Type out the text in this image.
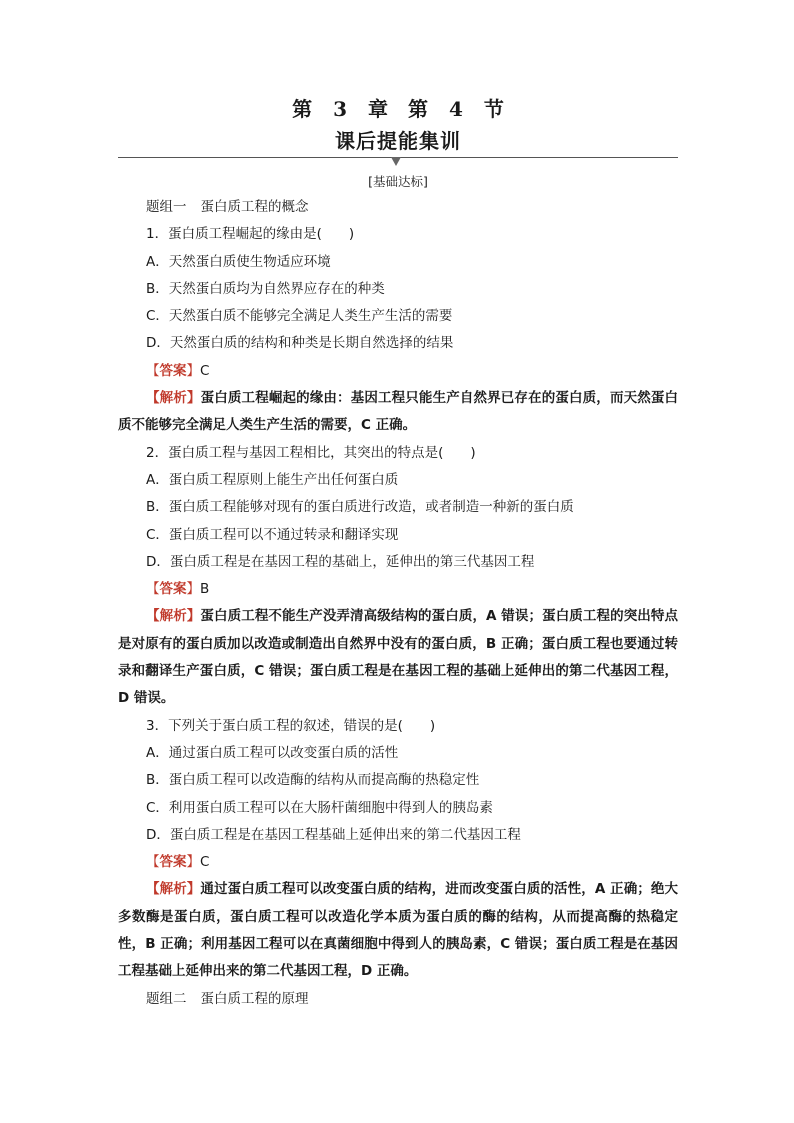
第 3 章　第 4 节
课后提能集训
[基础达标]
题组一 蛋白质工程的概念
1．蛋白质工程崛起的缘由是(　　)
A．天然蛋白质使生物适应环境
B．天然蛋白质均为自然界应存在的种类
C．天然蛋白质不能够完全满足人类生产生活的需要
D．天然蛋白质的结构和种类是长期自然选择的结果
【答案】C

【解析】蛋白质工程崛起的缘由：基因工程只能生产自然界已存在的蛋白质，而天然蛋白质不能够完全满足人类生产生活的需要，C 正确。

2．蛋白质工程与基因工程相比，其突出的特点是(　　)
A．蛋白质工程原则上能生产出任何蛋白质
B．蛋白质工程能够对现有的蛋白质进行改造，或者制造一种新的蛋白质
C．蛋白质工程可以不通过转录和翻译实现
D．蛋白质工程是在基因工程的基础上，延伸出的第三代基因工程
【答案】B

【解析】蛋白质工程不能生产没弄清高级结构的蛋白质，A 错误；蛋白质工程的突出特点是对原有的蛋白质加以改造或制造出自然界中没有的蛋白质，B 正确；蛋白质工程也要通过转录和翻译生产蛋白质，C 错误；蛋白质工程是在基因工程的基础上延伸出的第二代基因工程，D 错误。

3．下列关于蛋白质工程的叙述，错误的是(　　)
A．通过蛋白质工程可以改变蛋白质的活性
B．蛋白质工程可以改造酶的结构从而提高酶的热稳定性
C．利用蛋白质工程可以在大肠杆菌细胞中得到人的胰岛素
D．蛋白质工程是在基因工程基础上延伸出来的第二代基因工程
【答案】C

【解析】通过蛋白质工程可以改变蛋白质的结构，进而改变蛋白质的活性，A 正确；绝大多数酶是蛋白质，蛋白质工程可以改造化学本质为蛋白质的酶的结构，从而提高酶的热稳定性，B 正确；利用基因工程可以在真菌细胞中得到人的胰岛素，C 错误；蛋白质工程是在基因工程基础上延伸出来的第二代基因工程，D 正确。

题组二 蛋白质工程的原理
